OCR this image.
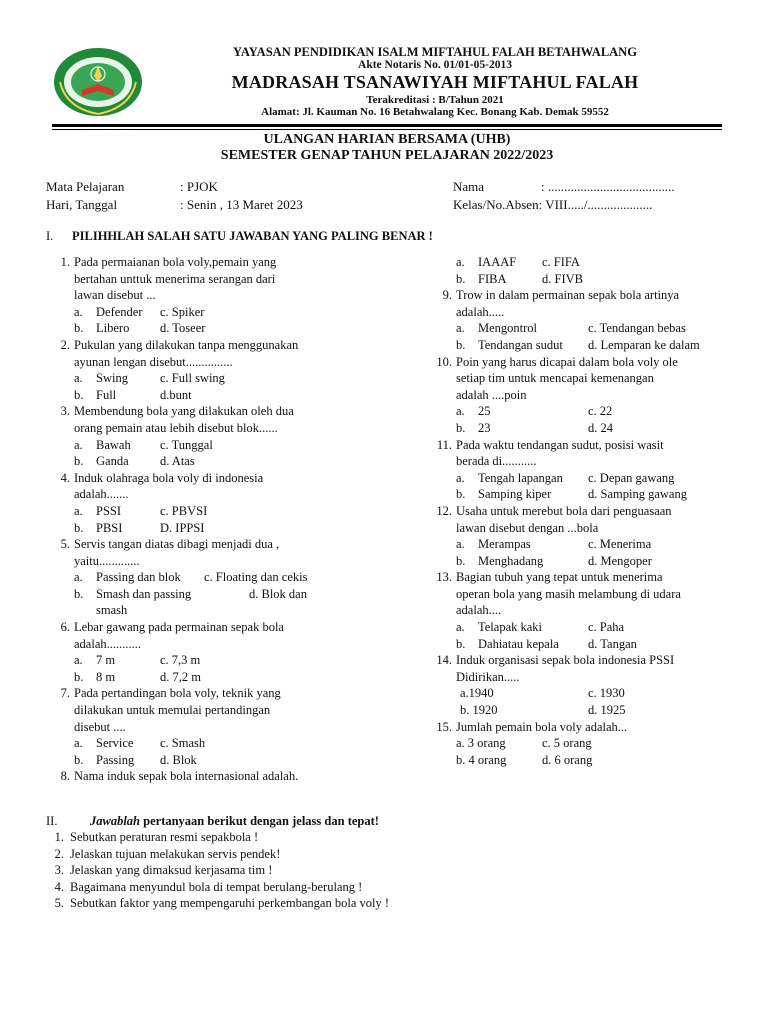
YAYASAN PENDIDIKAN ISALM MIFTAHUL FALAH BETAHWALANG
Akte Notaris No. 01/01-05-2013
MADRASAH TSANAWIYAH MIFTAHUL FALAH
Terakreditasi : B/Tahun 2021
Alamat: Jl. Kauman No. 16 Betahwalang Kec. Bonang Kab. Demak 59552
ULANGAN HARIAN BERSAMA (UHB)
SEMESTER GENAP TAHUN PELAJARAN 2022/2023
Mata Pelajaran	: PJOK
Hari, Tanggal	: Senin , 13 Maret 2023
Nama	: .......................................
Kelas/No.Absen: VIII...../....................
I. PILIHHLAH SALAH SATU JAWABAN YANG PALING BENAR !
1. Pada permaianan bola voly,pemain yang
bertahan unttuk menerima serangan dari
lawan disebut ...
a. Defender c. Spiker
b. Libero d. Toseer
2. Pukulan yang dilakukan tanpa menggunakan
ayunan lengan disebut...............
a. Swing	c. Full swing
b. Full	d.bunt
3. Membendung bola yang dilakukan oleh dua
orang pemain atau lebih disebut blok......
a. Bawah c. Tunggal
b. Ganda	d. Atas
4. Induk olahraga bola voly di indonesia
adalah.......
a. PSSI	c. PBVSI
b. PBSI	D. IPPSI
5. Servis tangan diatas dibagi menjadi dua ,
yaitu.............
a. Passing dan blok c. Floating dan cekis
b. Smash dan passing	d. Blok dan
smash
6. Lebar gawang pada permainan sepak bola
adalah...........
a. 7 m	c. 7,3 m
b. 8 m	d. 7,2 m
7. Pada pertandingan bola voly, teknik yang
dilakukan untuk memulai pertandingan
disebut ....
a. Service c. Smash
b. Passing d. Blok
8. Nama induk sepak bola internasional adalah.
a. IAAAF c. FIFA
b. FIBA	d. FIVB
9. Trow in dalam permainan sepak bola artinya
adalah.....
a. Mengontrol	c. Tendangan bebas
b. Tendangan sudut d. Lemparan ke dalam
10. Poin yang harus dicapai dalam bola voly ole
setiap tim untuk mencapai kemenangan
adalah ....poin
a. 25	c. 22
b. 23	d. 24
11. Pada waktu tendangan sudut, posisi wasit
berada di...........
a. Tengah lapangan c. Depan gawang
b. Samping kiper	d. Samping gawang
12. Usaha untuk merebut bola dari penguasaan
lawan disebut dengan ...bola
a. Merampas	c. Menerima
b. Menghadang	d. Mengoper
13. Bagian tubuh yang tepat untuk menerima
operan bola yang masih melambung di udara
adalah....
a. Telapak kaki	c. Paha
b. Dahiatau kepala d. Tangan
14. Induk organisasi sepak bola indonesia PSSI
Didirikan.....
a.1940	c. 1930
b. 1920	d. 1925
15. Jumlah pemain bola voly adalah...
a. 3 orang	c. 5 orang
b. 4 orang	d. 6 orang
II.	Jawablah pertanyaan berikut dengan jelass dan tepat!
1. Sebutkan peraturan resmi sepakbola !
2. Jelaskan tujuan melakukan servis pendek!
3. Jelaskan yang dimaksud kerjasama tim !
4. Bagaimana menyundul bola di tempat berulang-berulang !
5. Sebutkan faktor yang mempengaruhi perkembangan bola voly !
